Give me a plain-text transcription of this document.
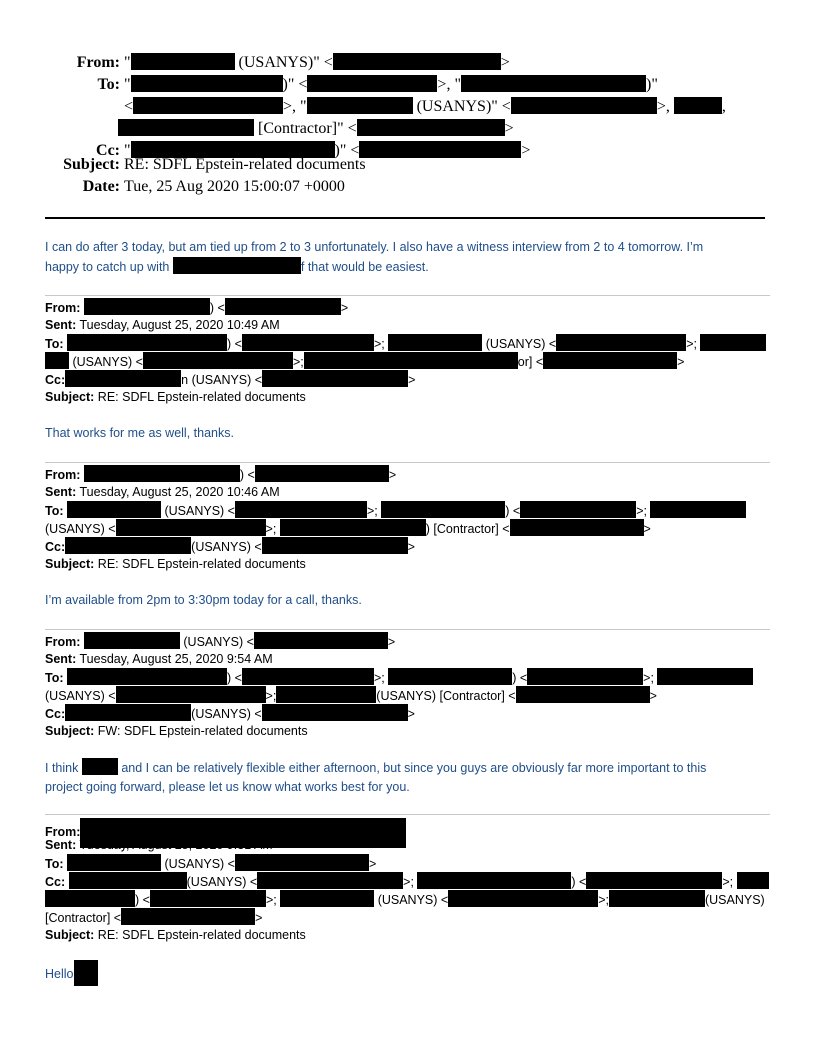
From: "	(USANYS)" <	>
To: "	)" <	>, "	)"
<	>, "	(USANYS)" <	>,	,
[Contractor]" <	>
Cc: "	)" <	>
Subject: RE: SDFL Epstein-related documents
Date: Tue, 25 Aug 2020 15:00:07 +0000
I can do after 3 today, but am tied up from 2 to 3 unfortunately. I also have a witness interview from 2 to 4 tomorrow. I’m
happy to catch up with	f that would be easiest.
From:	) <	>
Sent: Tuesday, August 25, 2020 10:49 AM
To:	) <	>;	(USANYS) <	>;
(USANYS) <	>;	or] <	>
Cc:	n (USANYS) <	>
Subject: RE: SDFL Epstein-related documents
That works for me as well, thanks.
From:	) <	>
Sent: Tuesday, August 25, 2020 10:46 AM
To:	(USANYS) <	>;	) <	>;
(USANYS) <	>;	) [Contractor] <	>
Cc:	(USANYS) <	>
Subject: RE: SDFL Epstein-related documents
I’m available from 2pm to 3:30pm today for a call, thanks.
From:	(USANYS) <	>
Sent: Tuesday, August 25, 2020 9:54 AM
To:	) <	>;	) <	>;
(USANYS) <	>;	(USANYS) [Contractor] <	>
Cc:	(USANYS) <	>
Subject: FW: SDFL Epstein-related documents
I think	and I can be relatively flexible either afternoon, but since you guys are obviously far more important to this
project going forward, please let us know what works best for you.
From:
Sent: Tuesday, August 25, 2020 9:31 AM
To:	(USANYS) <	>
Cc:	(USANYS) <	>;	) <	>;
) <	>;	(USANYS) <	>;	(USANYS)
[Contractor] <	>
Subject: RE: SDFL Epstein-related documents
Hello
